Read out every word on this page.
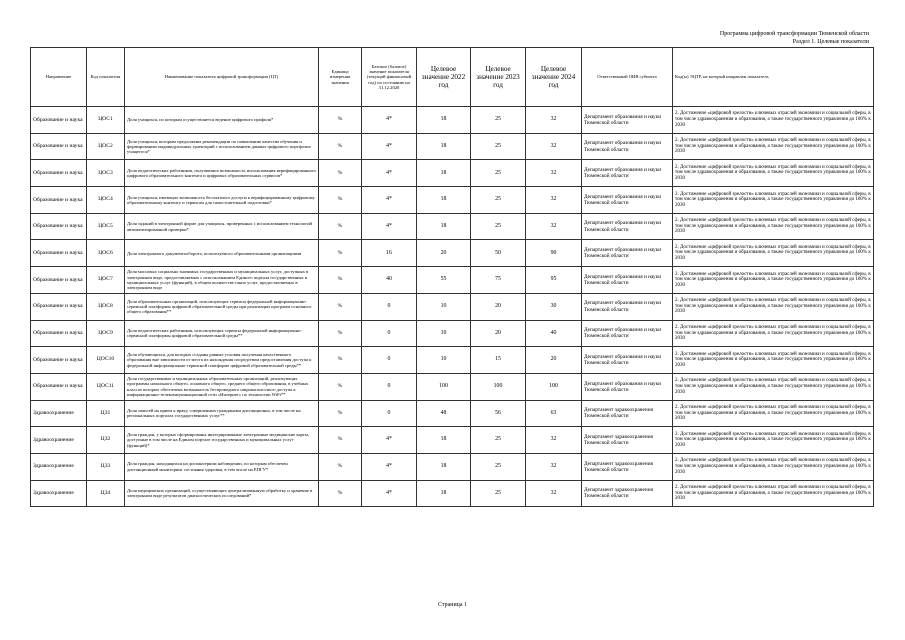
Программа цифровой трансформации Тюменской области
Раздел 1. Целевые показатели
Направление	Код показателя	Наименование показателя цифровой трансформации (ЦТ)	Единица измерения значения	Базовое (базовое) значение показателя (текущий финансовый год) по состоянию на 31.12.2020	Целевое значение 2022 год	Целевое значение 2023 год	Целевое значение 2024 год	Ответственный ОИВ субъекта	Код(ы) ЭЦТР, на который направлен показатель
Образование и наука	ЦОС1	Доля учащихся, по которым осуществляется ведение цифрового профиля*	%	4*	18	25	32	Департамент образования и науки Тюменской области	2. Достижение «цифровой зрелости» ключевых отраслей экономики и социальной сферы, в том числе здравоохранения и образования, а также государственного управления до 100% к 2030
Образование и наука	ЦОС2	Доля учащихся, которым предложены рекомендации по повышению качества обучения и формированию индивидуальных траекторий с использованием данных цифрового портфолио учащегося*	%	4*	18	25	32	Департамент образования и науки Тюменской области	2. Достижение «цифровой зрелости» ключевых отраслей экономики и социальной сферы, в том числе здравоохранения и образования, а также государственного управления до 100% к 2030
Образование и наука	ЦОС3	Доля педагогических работников, получивших возможность использования верифицированного цифрового образовательного контента и цифровых образовательных сервисов*	%	4*	18	25	32	Департамент образования и науки Тюменской области	2. Достижение «цифровой зрелости» ключевых отраслей экономики и социальной сферы, в том числе здравоохранения и образования, а также государственного управления до 100% к 2030
Образование и наука	ЦОС4	Доля учащихся, имеющих возможность бесплатного доступа к верифицированному цифровому образовательному контенту и сервисам для самостоятельной подготовки*	%	4*	18	25	32	Департамент образования и науки Тюменской области	2. Достижение «цифровой зрелости» ключевых отраслей экономики и социальной сферы, в том числе здравоохранения и образования, а также государственного управления до 100% к 2030
Образование и наука	ЦОС5	Доля заданий в электронной форме для учащихся, проверенных с использованием технологий автоматизированной проверки*	%	4*	18	25	32	Департамент образования и науки Тюменской области	2. Достижение «цифровой зрелости» ключевых отраслей экономики и социальной сферы, в том числе здравоохранения и образования, а также государственного управления до 100% к 2030
Образование и наука	ЦОС6	Доля электронного документооборота, используемого образовательными организациями	%	16	20	50	90	Департамент образования и науки Тюменской области	2. Достижение «цифровой зрелости» ключевых отраслей экономики и социальной сферы, в том числе здравоохранения и образования, а также государственного управления до 100% к 2030
Образование и наука	ЦОС7	Доля массовых социально значимых государственных и муниципальных услуг, доступных в электронном виде, предоставляемых с использованием Единого портала государственных и муниципальных услуг (функций), в общем количестве таких услуг, предоставляемых в электронном виде	%	40	55	75	95	Департамент образования и науки Тюменской области	2. Достижение «цифровой зрелости» ключевых отраслей экономики и социальной сферы, в том числе здравоохранения и образования, а также государственного управления до 100% к 2030
Образование и наука	ЦОС8	Доля образовательных организаций, использующих сервисы федеральной информационно-сервисной платформы цифровой образовательной среды при реализации программ основного общего образования**	%	0	10	20	30	Департамент образования и науки Тюменской области	2. Достижение «цифровой зрелости» ключевых отраслей экономики и социальной сферы, в том числе здравоохранения и образования, а также государственного управления до 100% к 2030
Образование и наука	ЦОС9	Доля педагогических работников, использующих сервисы федеральной информационно-сервисной платформы цифровой образовательной среды**	%	0	10	20	40	Департамент образования и науки Тюменской области	2. Достижение «цифровой зрелости» ключевых отраслей экономики и социальной сферы, в том числе здравоохранения и образования, а также государственного управления до 100% к 2030
Образование и наука	ЦОС10	Доля обучающихся, для которых созданы равные условия получения качественного образования вне зависимости от места их нахождения посредством предоставления доступа к федеральной информационно-сервисной платформе цифровой образовательной среды**	%	0	10	15	20	Департамент образования и науки Тюменской области	2. Достижение «цифровой зрелости» ключевых отраслей экономики и социальной сферы, в том числе здравоохранения и образования, а также государственного управления до 100% к 2030
Образование и наука	ЦОС11	Доля государственных и муниципальных образовательных организаций, реализующих программы начального общего, основного общего, среднего общего образования, в учебных классах которых обеспечена возможность беспроводного широкополосного доступа к информационно-телекоммуникационной сети «Интернет» по технологии WiFi**	%	0	100	100	100	Департамент образования и науки Тюменской области	2. Достижение «цифровой зрелости» ключевых отраслей экономики и социальной сферы, в том числе здравоохранения и образования, а также государственного управления до 100% к 2030
Здравоохранение	ЦЗ1	Доля записей на прием к врачу, совершенных гражданами дистанционно, в том числе на региональных порталах государственных услуг**	%	0	48	56	63	Департамент здравоохранения Тюменской области	2. Достижение «цифровой зрелости» ключевых отраслей экономики и социальной сферы, в том числе здравоохранения и образования, а также государственного управления до 100% к 2030
Здравоохранение	ЦЗ2	Доля граждан, у которых сформированы интегрированные электронные медицинские карты, доступные в том числе на Едином портале государственных и муниципальных услуг (функций)*	%	4*	18	25	32	Департамент здравоохранения Тюменской области	2. Достижение «цифровой зрелости» ключевых отраслей экономики и социальной сферы, в том числе здравоохранения и образования, а также государственного управления до 100% к 2030
Здравоохранение	ЦЗ3	Доля граждан, находящихся на диспансерном наблюдении, по которым обеспечен дистанционный мониторинг состояния здоровья, в том числе на ЕПГУ*	%	4*	18	25	32	Департамент здравоохранения Тюменской области	2. Достижение «цифровой зрелости» ключевых отраслей экономики и социальной сферы, в том числе здравоохранения и образования, а также государственного управления до 100% к 2030
Здравоохранение	ЦЗ4	Доля медицинских организаций, осуществляющих централизованную обработку и хранение в электронном виде результатов диагностических исследований*	%	4*	18	25	32	Департамент здравоохранения Тюменской области	2. Достижение «цифровой зрелости» ключевых отраслей экономики и социальной сферы, в том числе здравоохранения и образования, а также государственного управления до 100% к 2030
Страница 1
